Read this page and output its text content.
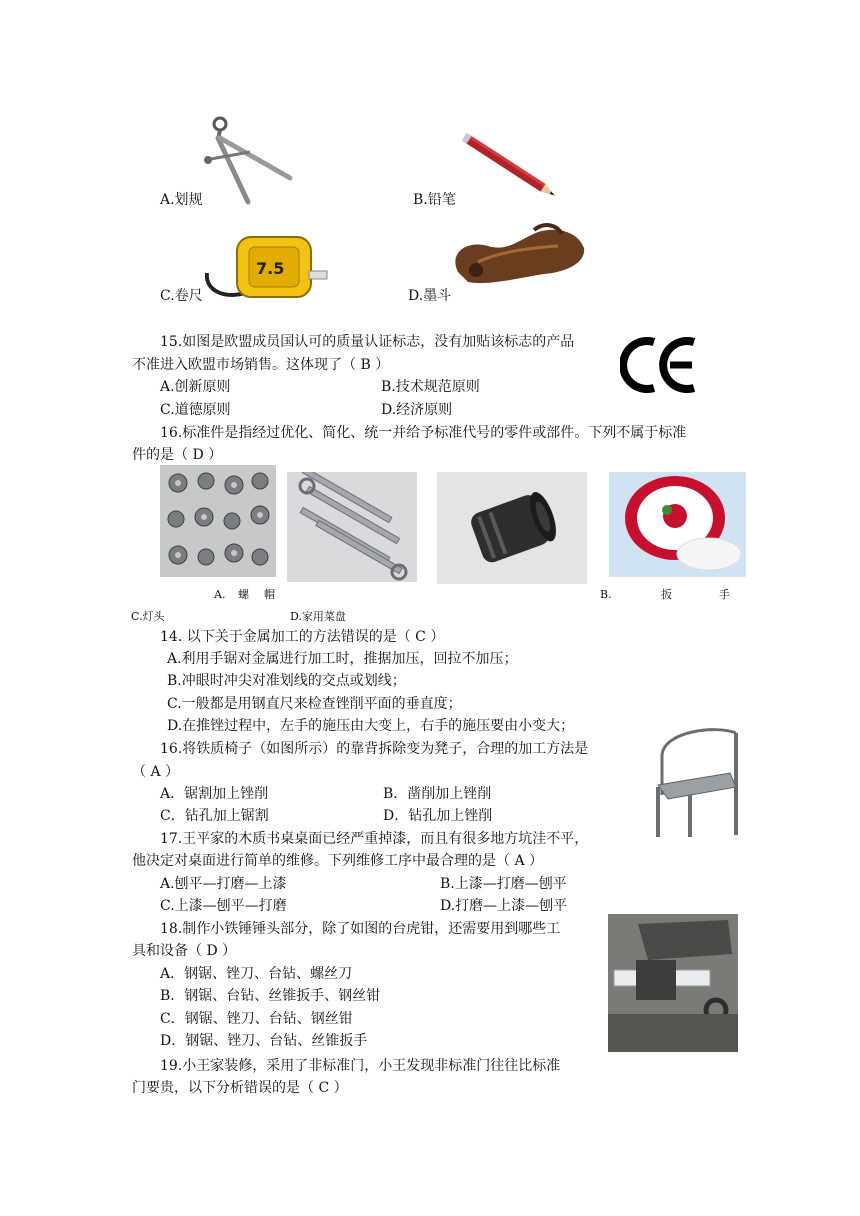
A.划规	B.铅笔
7.5
C.卷尺	D.墨斗
15.如图是欧盟成员国认可的质量认证标志，没有加贴该标志的产品
不准进入欧盟市场销售。这体现了（ B ）
A.创新原则	B.技术规范原则
C.道德原则	D.经济原则
16.标准件是指经过优化、简化、统一并给予标准代号的零件或部件。下列不属于标准
件的是（ D ）
A. 螺 帽	B.	扳	手
C.灯头	D.家用菜盘
14. 以下关于金属加工的方法错误的是（ C ）
A.利用手锯对金属进行加工时，推据加压，回拉不加压；
B.冲眼时冲尖对准划线的交点或划线；
C.一般都是用钢直尺来检查锉削平面的垂直度；
D.在推锉过程中，左手的施压由大变上，右手的施压要由小变大；
16.将铁质椅子（如图所示）的靠背拆除变为凳子，合理的加工方法是
（ A ）
A．锯割加上锉削	B．凿削加上锉削
C．钻孔加上锯割	D．钻孔加上锉削
17.王平家的木质书桌桌面已经严重掉漆，而且有很多地方坑洼不平，
他决定对桌面进行简单的维修。下列维修工序中最合理的是（ A ）
A.刨平—打磨—上漆	B.上漆—打磨—刨平
C.上漆—刨平—打磨	D.打磨—上漆—刨平
18.制作小铁锤锤头部分，除了如图的台虎钳，还需要用到哪些工
具和设备（ D ）
A．钢锯、锉刀、台钻、螺丝刀
B．钢锯、台钻、丝锥扳手、钢丝钳
C．钢锯、锉刀、台钻、钢丝钳
D．钢锯、锉刀、台钻、丝锥扳手
19.小王家装修，采用了非标准门，小王发现非标准门往往比标准
门要贵，以下分析错误的是（ C ）
